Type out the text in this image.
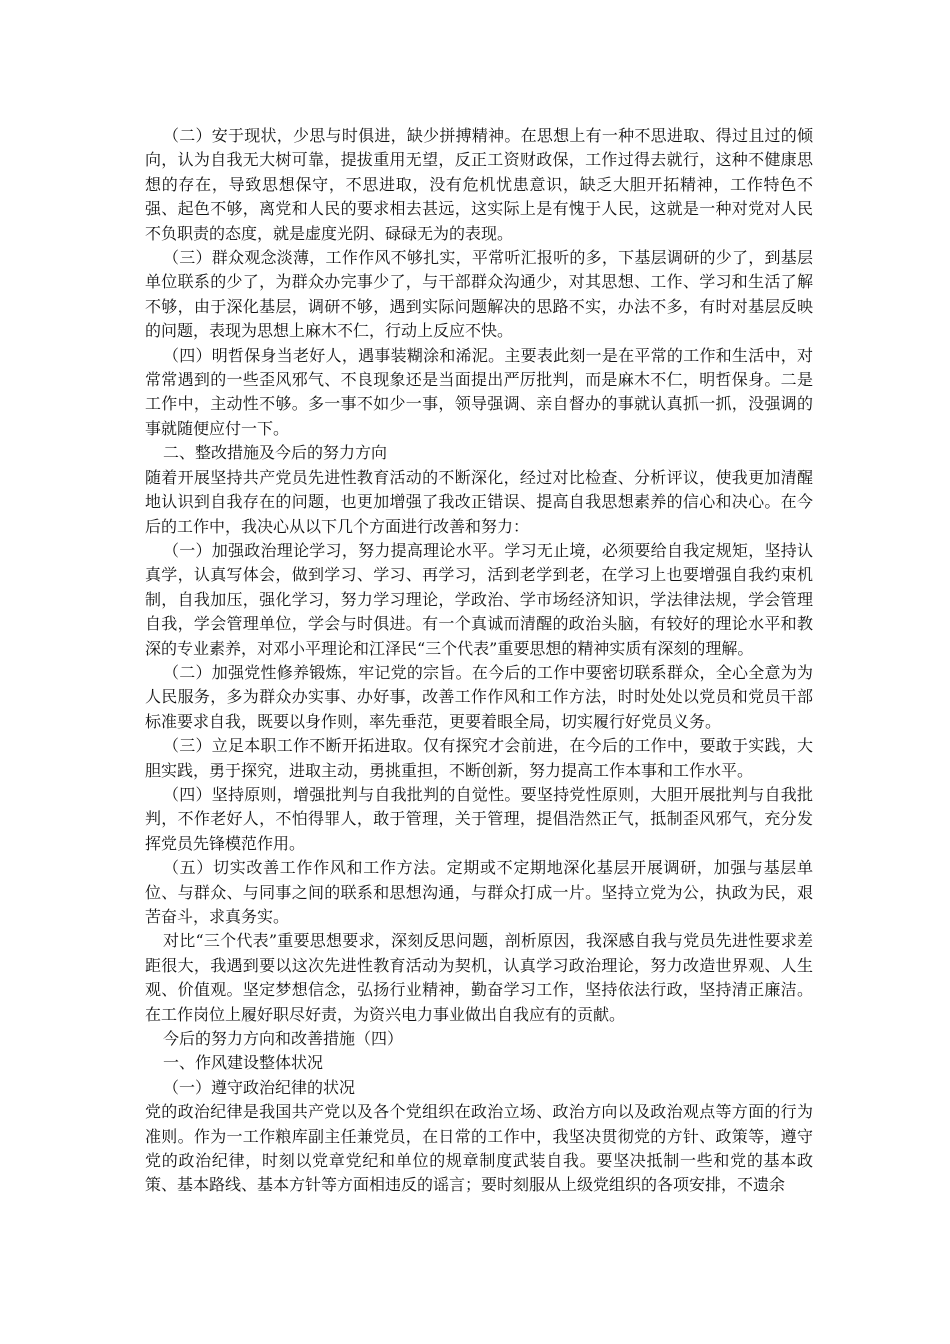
（二）安于现状，少思与时俱进，缺少拼搏精神。在思想上有一种不思进取、得过且过的倾向，认为自我无大树可靠，提拔重用无望，反正工资财政保，工作过得去就行，这种不健康思想的存在，导致思想保守，不思进取，没有危机忧患意识，缺乏大胆开拓精神，工作特色不强、起色不够，离党和人民的要求相去甚远，这实际上是有愧于人民，这就是一种对党对人民不负职责的态度，就是虚度光阴、碌碌无为的表现。

（三）群众观念淡薄，工作作风不够扎实，平常听汇报听的多，下基层调研的少了，到基层单位联系的少了，为群众办完事少了，与干部群众沟通少，对其思想、工作、学习和生活了解不够，由于深化基层，调研不够，遇到实际问题解决的思路不实，办法不多，有时对基层反映的问题，表现为思想上麻木不仁，行动上反应不快。

（四）明哲保身当老好人，遇事装糊涂和浠泥。主要表此刻一是在平常的工作和生活中，对常常遇到的一些歪风邪气、不良现象还是当面提出严厉批判，而是麻木不仁，明哲保身。二是工作中，主动性不够。多一事不如少一事，领导强调、亲自督办的事就认真抓一抓，没强调的事就随便应付一下。

二、整改措施及今后的努力方向

随着开展坚持共产党员先进性教育活动的不断深化，经过对比检查、分析评议，使我更加清醒地认识到自我存在的问题，也更加增强了我改正错误、提高自我思想素养的信心和决心。在今后的工作中，我决心从以下几个方面进行改善和努力：

（一）加强政治理论学习，努力提高理论水平。学习无止境，必须要给自我定规矩，坚持认真学，认真写体会，做到学习、学习、再学习，活到老学到老，在学习上也要增强自我约束机制，自我加压，强化学习，努力学习理论，学政治、学市场经济知识，学法律法规，学会管理自我，学会管理单位，学会与时俱进。有一个真诚而清醒的政治头脑，有较好的理论水平和教深的专业素养，对邓小平理论和江泽民“三个代表”重要思想的精神实质有深刻的理解。

（二）加强党性修养锻炼，牢记党的宗旨。在今后的工作中要密切联系群众，全心全意为为人民服务，多为群众办实事、办好事，改善工作作风和工作方法，时时处处以党员和党员干部标准要求自我，既要以身作则，率先垂范，更要着眼全局，切实履行好党员义务。

（三）立足本职工作不断开拓进取。仅有探究才会前进，在今后的工作中，要敢于实践，大胆实践，勇于探究，进取主动，勇挑重担，不断创新，努力提高工作本事和工作水平。

（四）坚持原则，增强批判与自我批判的自觉性。要坚持党性原则，大胆开展批判与自我批判，不作老好人，不怕得罪人，敢于管理，关于管理，提倡浩然正气，抵制歪风邪气，充分发挥党员先锋模范作用。

（五）切实改善工作作风和工作方法。定期或不定期地深化基层开展调研，加强与基层单位、与群众、与同事之间的联系和思想沟通，与群众打成一片。坚持立党为公，执政为民，艰苦奋斗，求真务实。

对比“三个代表”重要思想要求，深刻反思问题，剖析原因，我深感自我与党员先进性要求差距很大，我遇到要以这次先进性教育活动为契机，认真学习政治理论，努力改造世界观、人生观、价值观。坚定梦想信念，弘扬行业精神，勤奋学习工作，坚持依法行政，坚持清正廉洁。在工作岗位上履好职尽好责，为资兴电力事业做出自我应有的贡献。

今后的努力方向和改善措施（四）

一、作风建设整体状况

（一）遵守政治纪律的状况

党的政治纪律是我国共产党以及各个党组织在政治立场、政治方向以及政治观点等方面的行为准则。作为一工作粮库副主任兼党员，在日常的工作中，我坚决贯彻党的方针、政策等，遵守党的政治纪律，时刻以党章党纪和单位的规章制度武装自我。要坚决抵制一些和党的基本政策、基本路线、基本方针等方面相违反的谣言；要时刻服从上级党组织的各项安排，不遗余
